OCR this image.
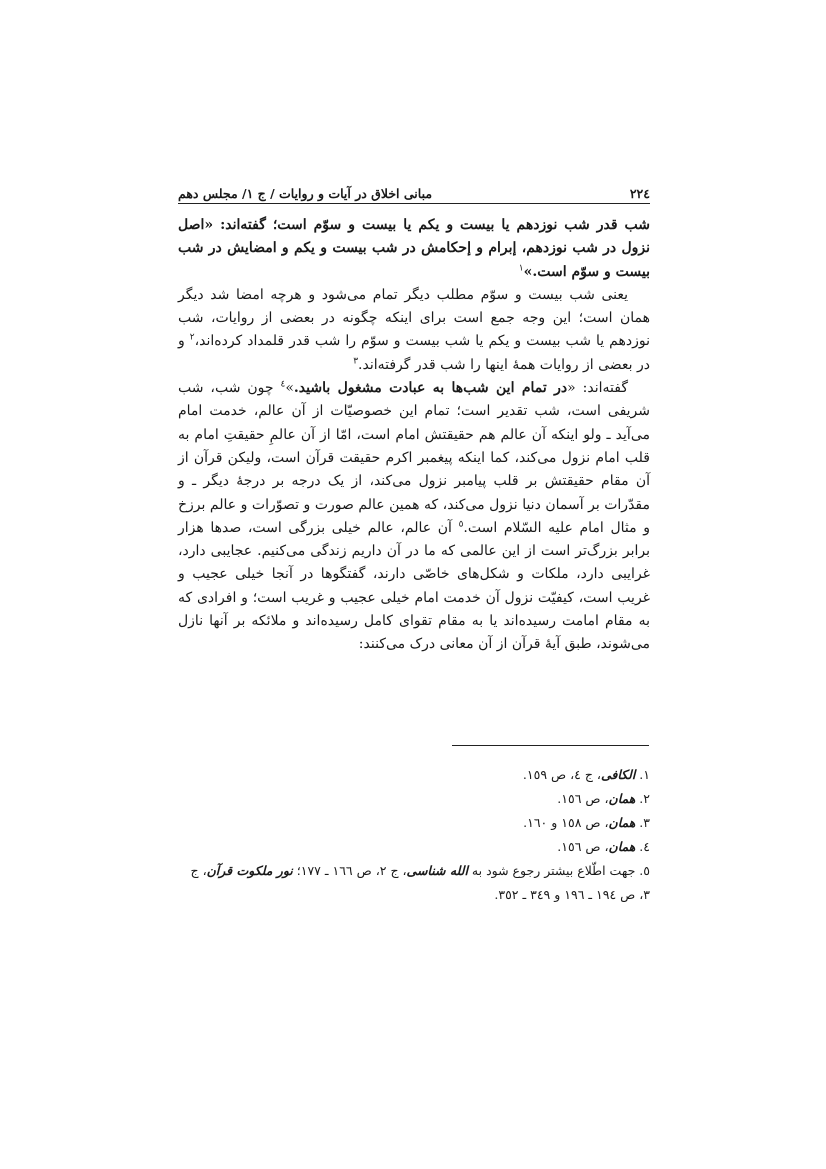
٢٢٤
مبانی اخلاق در آیات و روایات / ج ١/ مجلس دهم

شب قدر شب نوزدهم یا بیست و یکم یا بیست و سوّم است؛ گفته‌اند: «اصل نزول در شب نوزدهم، إبرام و إحکامش در شب بیست و یکم و امضایش در شب بیست و سوّم است.»$^١$

یعنی شب بیست و سوّم مطلب دیگر تمام می‌شود و هرچه امضا شد دیگر همان است؛ این وجه جمع است برای اینکه چگونه در بعضی از روایات، شب نوزدهم یا شب بیست و یکم یا شب بیست و سوّم را شب قدر قلمداد کرده‌اند،$^٢$ و در بعضی از روایات همهٔ اینها را شب قدر گرفته‌اند.$^٣$

گفته‌اند: «در تمام این شب‌ها به عبادت مشغول باشید.»$^٤$ چون شب، شب شریفی است، شب تقدیر است؛ تمام این خصوصیّات از آن عالم، خدمت امام می‌آید ـ ولو اینکه آن عالم هم حقیقتش امام است، امّا از آن عالمِ حقیقتِ امام به قلب امام نزول می‌کند، کما اینکه پیغمبر اکرم حقیقت قرآن است، ولیکن قرآن از آن مقام حقیقتش بر قلب پیامبر نزول می‌کند، از یک درجه بر درجهٔ دیگر ـ و مقدّرات بر آسمان دنیا نزول می‌کند، که همین عالم صورت و تصوّرات و عالم برزخ و مثال امام علیه السّلام است.$^٥$ آن عالم، عالم خیلی بزرگی است، صدها هزار برابر بزرگ‌تر است از این عالمی که ما در آن داریم زندگی می‌کنیم. عجایبی دارد، غرایبی دارد، ملکات و شکل‌های خاصّی دارند، گفتگوها در آنجا خیلی عجیب و غریب است، کیفیّت نزول آن خدمت امام خیلی عجیب و غریب است؛ و افرادی که به مقام امامت رسیده‌اند یا به مقام تقوای کامل رسیده‌اند و ملائکه بر آنها نازل می‌شوند، طبق آیهٔ قرآن از آن معانی درک می‌کنند:

١. الکافی، ج ٤، ص ١٥٩.

٢. همان، ص ١٥٦.

٣. همان، ص ١٥٨ و ١٦٠.

٤. همان، ص ١٥٦.

٥. جهت اطّلاع بیشتر رجوع شود به الله شناسی، ج ٢، ص ١٦٦ ـ ١٧٧؛ نور ملکوت قرآن، ج ٣، ص ١٩٤ ـ ١٩٦ و ٣٤٩ ـ ٣٥٢.
